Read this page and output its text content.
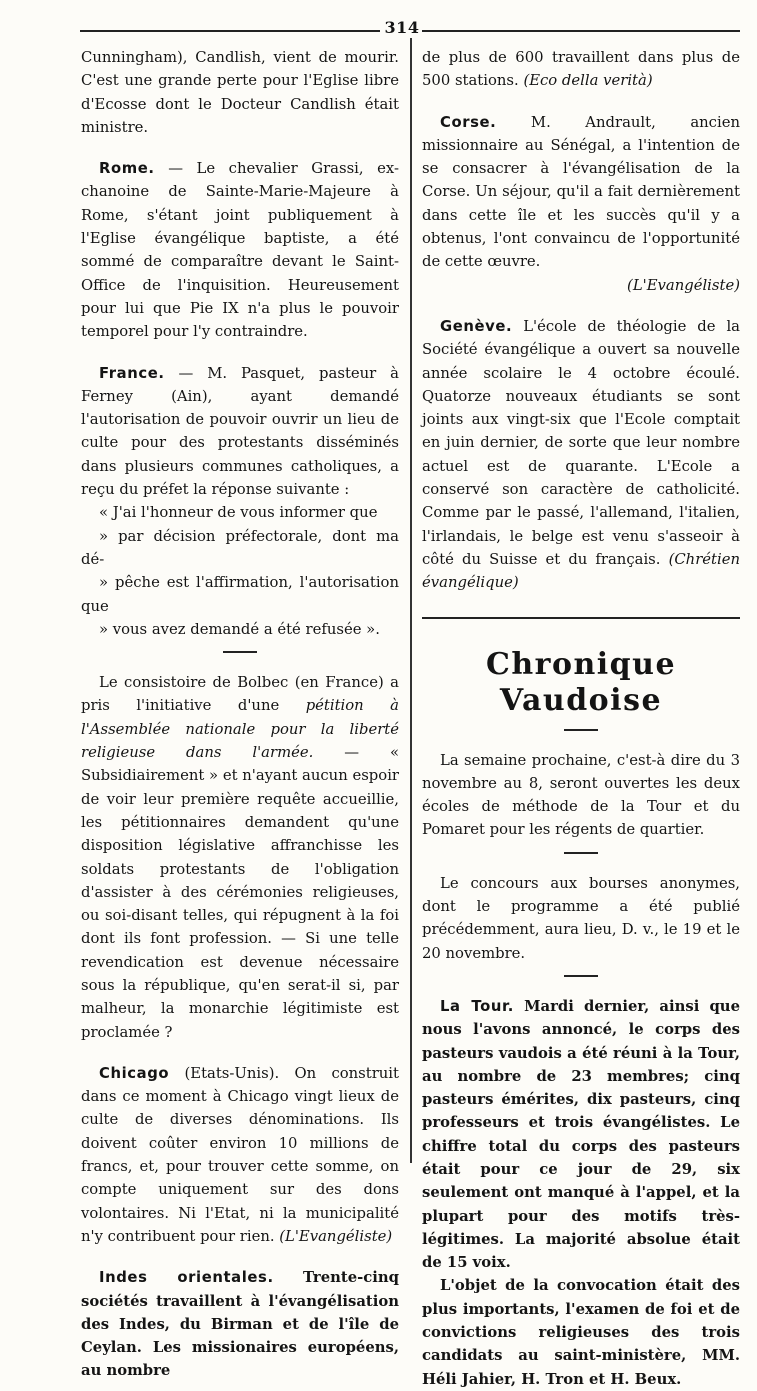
314

Cunningham), Candlish, vient de mourir. C'est une grande perte pour l'Eglise libre d'Ecosse dont le Docteur Candlish était ministre.

Rome. — Le chevalier Grassi, ex-chanoine de Sainte-Marie-Majeure à Rome, s'étant joint publiquement à l'Eglise évangélique baptiste, a été sommé de comparaître devant le Saint-Office de l'inquisition. Heureusement pour lui que Pie IX n'a plus le pouvoir temporel pour l'y contraindre.

France. — M. Pasquet, pasteur à Ferney (Ain), ayant demandé l'autorisation de pouvoir ouvrir un lieu de culte pour des protestants disséminés dans plusieurs communes catholiques, a reçu du préfet la réponse suivante :

« J'ai l'honneur de vous informer que

» par décision préfectorale, dont ma dé-

» pêche est l'affirmation, l'autorisation que

» vous avez demandé a été refusée ».

Le consistoire de Bolbec (en France) a pris l'initiative d'une pétition à l'Assemblée nationale pour la liberté religieuse dans l'armée. — « Subsidiairement » et n'ayant aucun espoir de voir leur première requête accueillie, les pétitionnaires demandent qu'une disposition législative affranchisse les soldats protestants de l'obligation d'assister à des cérémonies religieuses, ou soi-disant telles, qui répugnent à la foi dont ils font profession. — Si une telle revendication est devenue nécessaire sous la république, qu'en serat-il si, par malheur, la monarchie légitimiste est proclamée ?

Chicago (Etats-Unis). On construit dans ce moment à Chicago vingt lieux de culte de diverses dénominations. Ils doivent coûter environ 10 millions de francs, et, pour trouver cette somme, on compte uniquement sur des dons volontaires. Ni l'Etat, ni la municipalité n'y contribuent pour rien. (L'Evangéliste)

Indes orientales. Trente-cinq sociétés travaillent à l'évangélisation des Indes, du Birman et de l'île de Ceylan. Les missionaires européens, au nombre

de plus de 600 travaillent dans plus de 500 stations. (Eco della verità)

Corse. M. Andrault, ancien missionnaire au Sénégal, a l'intention de se consacrer à l'évangélisation de la Corse. Un séjour, qu'il a fait dernièrement dans cette île et les succès qu'il y a obtenus, l'ont convaincu de l'opportunité de cette œuvre.

(L'Evangéliste)

Genève. L'école de théologie de la Société évangélique a ouvert sa nouvelle année scolaire le 4 octobre écoulé. Quatorze nouveaux étudiants se sont joints aux vingt-six que l'Ecole comptait en juin dernier, de sorte que leur nombre actuel est de quarante. L'Ecole a conservé son caractère de catholicité. Comme par le passé, l'allemand, l'italien, l'irlandais, le belge est venu s'asseoir à côté du Suisse et du français. (Chrétien évangélique)

Chronique Vaudoise

La semaine prochaine, c'est-à dire du 3 novembre au 8, seront ouvertes les deux écoles de méthode de la Tour et du Pomaret pour les régents de quartier.

Le concours aux bourses anonymes, dont le programme a été publié précédemment, aura lieu, D. v., le 19 et le 20 novembre.

La Tour. Mardi dernier, ainsi que nous l'avons annoncé, le corps des pasteurs vaudois a été réuni à la Tour, au nombre de 23 membres; cinq pasteurs émérites, dix pasteurs, cinq professeurs et trois évangélistes. Le chiffre total du corps des pasteurs était pour ce jour de 29, six seulement ont manqué à l'appel, et la plupart pour des motifs très-légitimes. La majorité absolue était de 15 voix.

L'objet de la convocation était des plus importants, l'examen de foi et de convictions religieuses des trois candidats au saint-ministère, MM. Héli Jahier, H. Tron et H. Beux.
